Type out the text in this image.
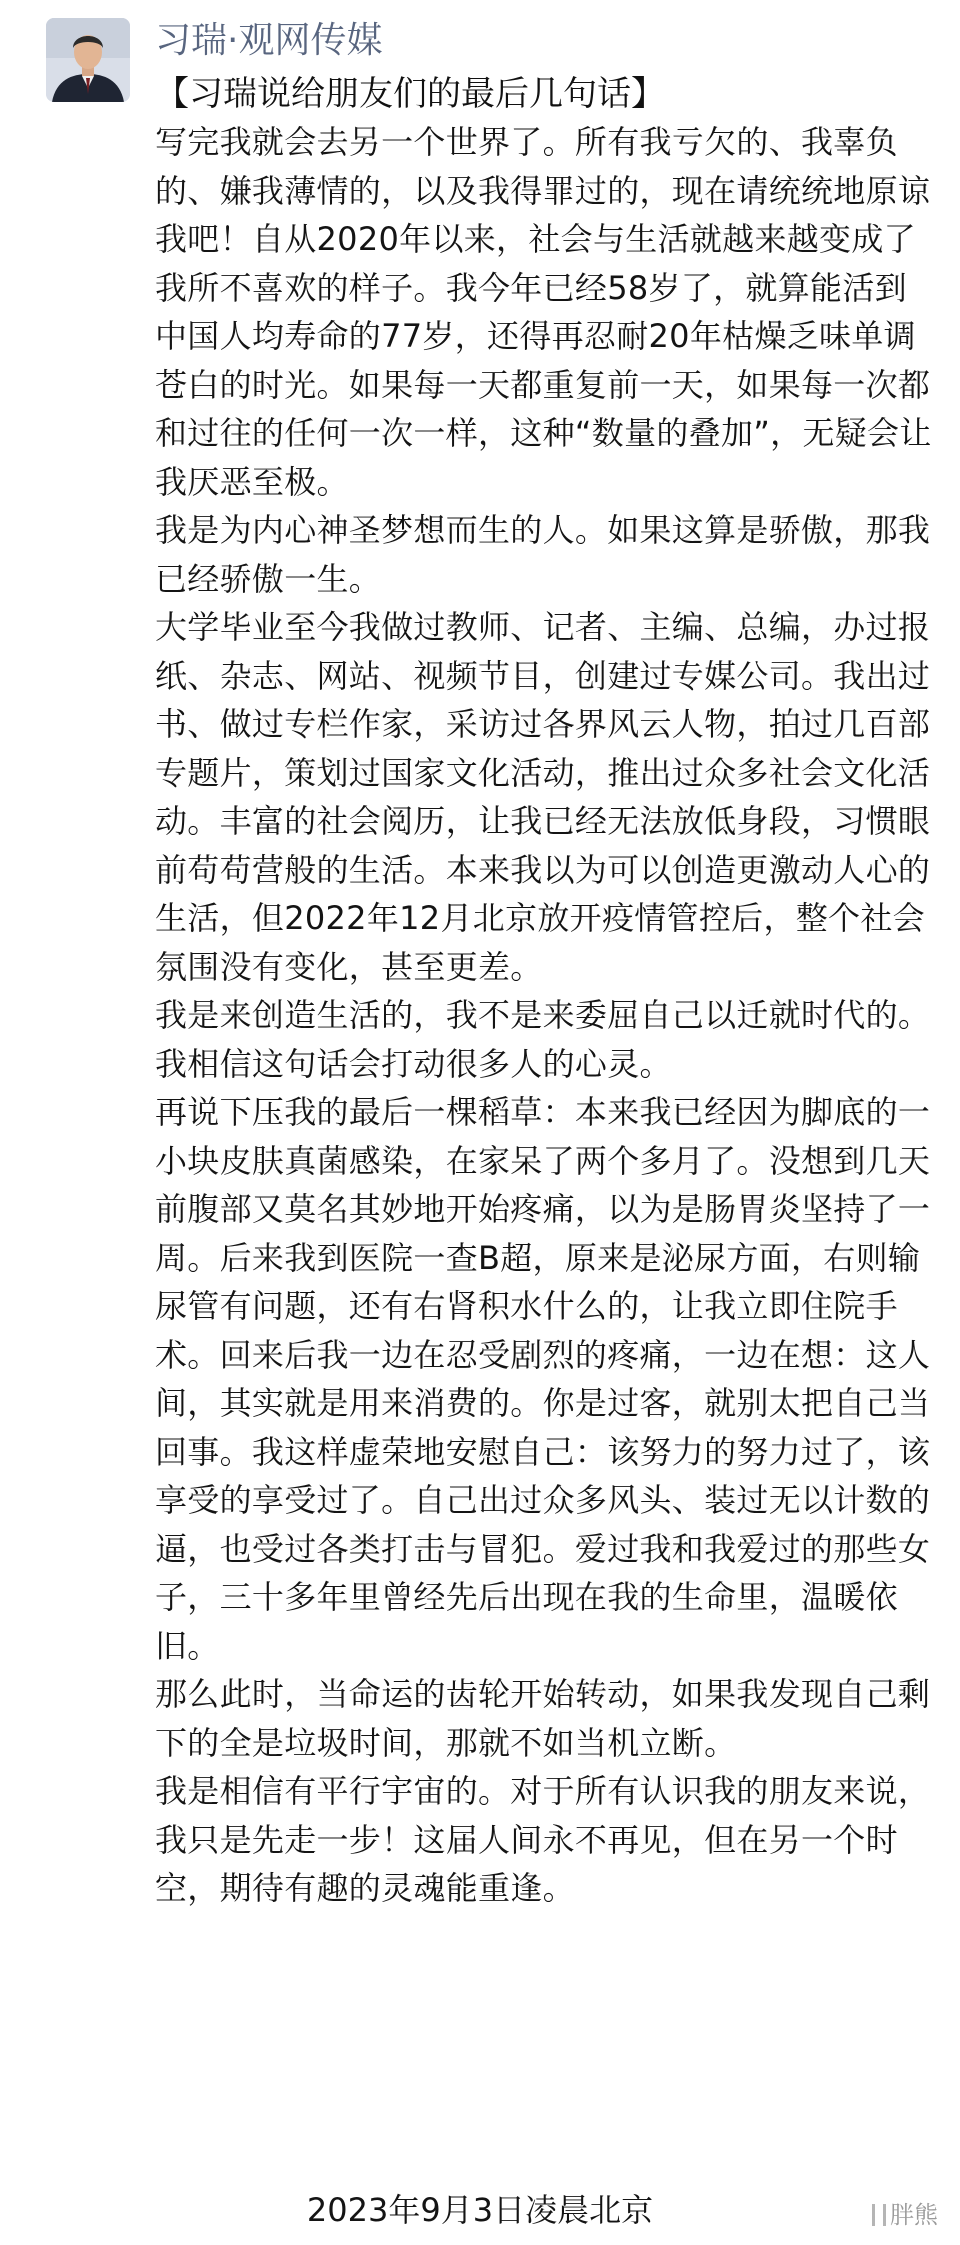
习瑞·观网传媒
【习瑞说给朋友们的最后几句话】

写完我就会去另一个世界了。所有我亏欠的、我辜负的、嫌我薄情的，以及我得罪过的，现在请统统地原谅我吧！自从2020年以来，社会与生活就越来越变成了我所不喜欢的样子。我今年已经58岁了，就算能活到中国人均寿命的77岁，还得再忍耐20年枯燥乏味单调苍白的时光。如果每一天都重复前一天，如果每一次都和过往的任何一次一样，这种“数量的叠加”，无疑会让我厌恶至极。

我是为内心神圣梦想而生的人。如果这算是骄傲，那我已经骄傲一生。

大学毕业至今我做过教师、记者、主编、总编，办过报纸、杂志、网站、视频节目，创建过专媒公司。我出过书、做过专栏作家，采访过各界风云人物，拍过几百部专题片，策划过国家文化活动，推出过众多社会文化活动。丰富的社会阅历，让我已经无法放低身段，习惯眼前苟苟营般的生活。本来我以为可以创造更激动人心的生活，但2022年12月北京放开疫情管控后，整个社会氛围没有变化，甚至更差。

我是来创造生活的，我不是来委屈自己以迁就时代的。我相信这句话会打动很多人的心灵。

再说下压我的最后一棵稻草：本来我已经因为脚底的一小块皮肤真菌感染，在家呆了两个多月了。没想到几天前腹部又莫名其妙地开始疼痛，以为是肠胃炎坚持了一周。后来我到医院一查B超，原来是泌尿方面，右则输尿管有问题，还有右肾积水什么的，让我立即住院手术。回来后我一边在忍受剧烈的疼痛，一边在想：这人间，其实就是用来消费的。你是过客，就别太把自己当回事。我这样虚荣地安慰自己：该努力的努力过了，该享受的享受过了。自己出过众多风头、装过无以计数的逼，也受过各类打击与冒犯。爱过我和我爱过的那些女子，三十多年里曾经先后出现在我的生命里，温暖依旧。

那么此时，当命运的齿轮开始转动，如果我发现自己剩下的全是垃圾时间，那就不如当机立断。

我是相信有平行宇宙的。对于所有认识我的朋友来说，我只是先走一步！这届人间永不再见，但在另一个时空，期待有趣的灵魂能重逢。

2023年9月3日凌晨北京	胖熊
